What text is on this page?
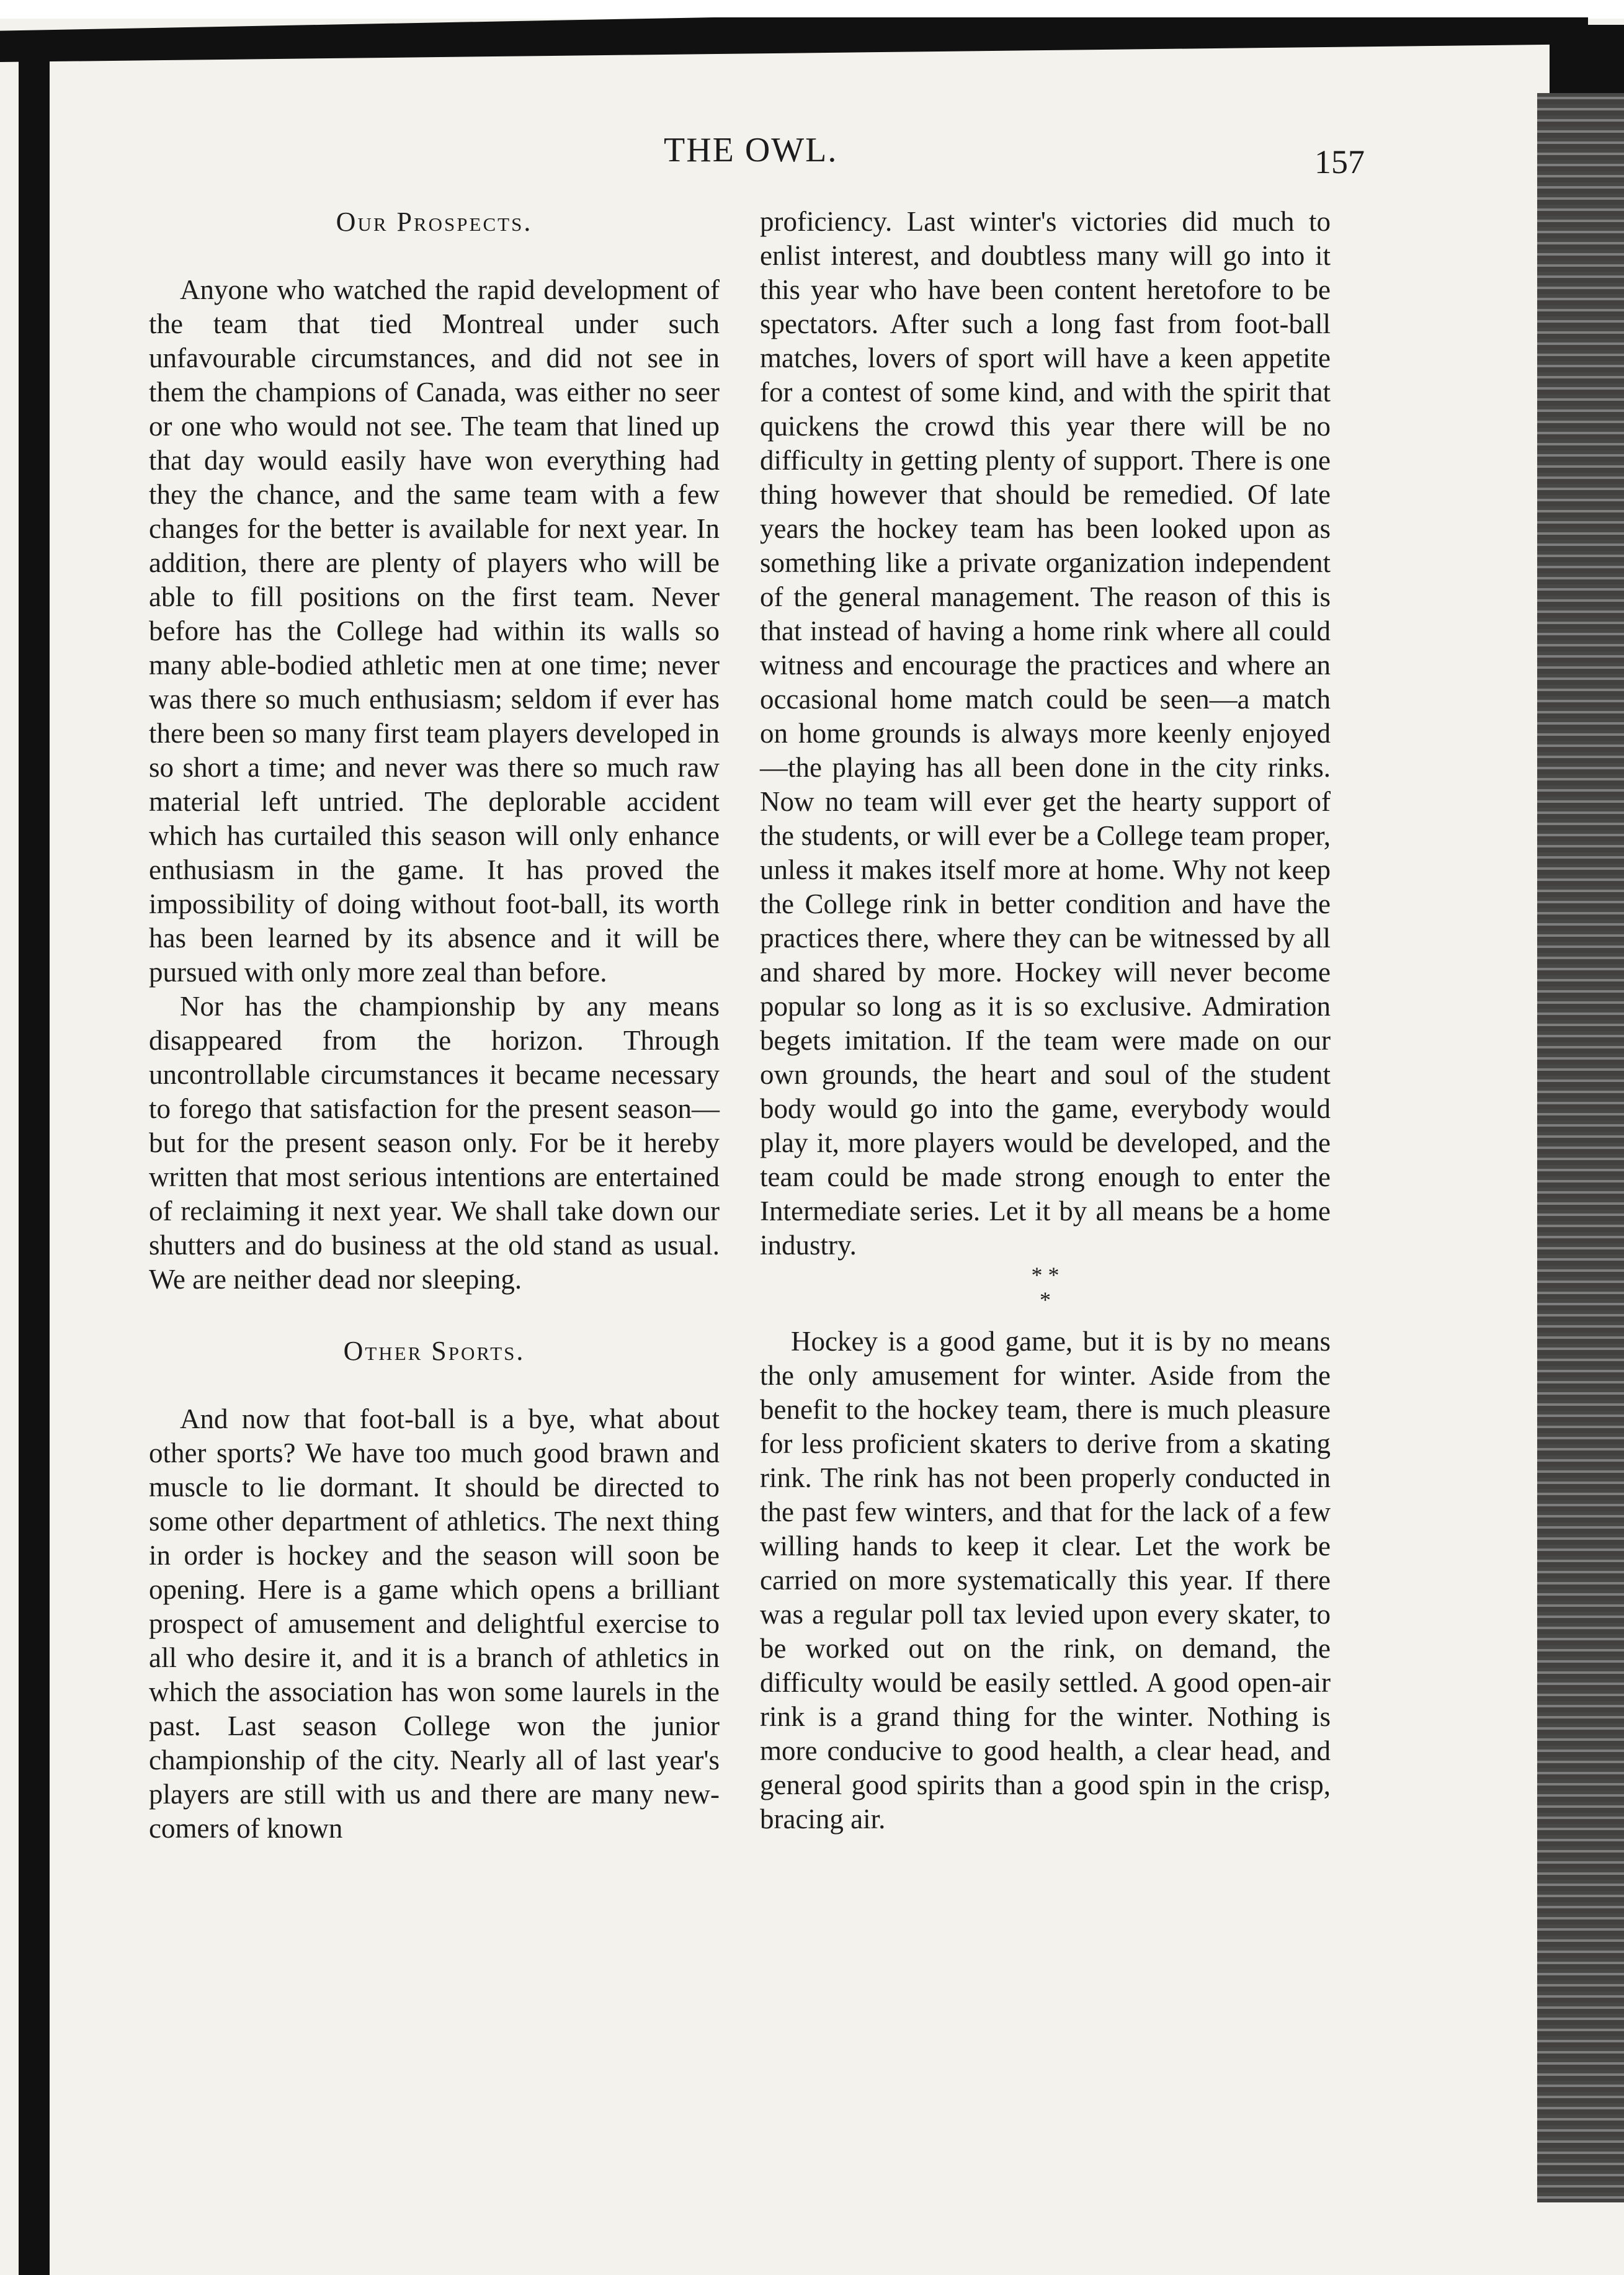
THE OWL.	157
Our Prospects.

Anyone who watched the rapid development of the team that tied Montreal under such unfavourable circumstances, and did not see in them the champions of Canada, was either no seer or one who would not see. The team that lined up that day would easily have won everything had they the chance, and the same team with a few changes for the better is available for next year. In addition, there are plenty of players who will be able to fill positions on the first team. Never before has the College had within its walls so many able-bodied athletic men at one time; never was there so much enthusiasm; seldom if ever has there been so many first team players developed in so short a time; and never was there so much raw material left untried. The deplorable accident which has curtailed this season will only enhance enthusiasm in the game. It has proved the impossibility of doing without foot-ball, its worth has been learned by its absence and it will be pursued with only more zeal than before.

Nor has the championship by any means disappeared from the horizon. Through uncontrollable circumstances it became necessary to forego that satisfaction for the present season—but for the present season only. For be it hereby written that most serious intentions are entertained of reclaiming it next year. We shall take down our shutters and do business at the old stand as usual. We are neither dead nor sleeping.

Other Sports.

And now that foot-ball is a bye, what about other sports? We have too much good brawn and muscle to lie dormant. It should be directed to some other department of athletics. The next thing in order is hockey and the season will soon be opening. Here is a game which opens a brilliant prospect of amusement and delightful exercise to all who desire it, and it is a branch of athletics in which the association has won some laurels in the past. Last season College won the junior championship of the city. Nearly all of last year's players are still with us and there are many new-comers of known

proficiency. Last winter's victories did much to enlist interest, and doubtless many will go into it this year who have been content heretofore to be spectators. After such a long fast from foot-ball matches, lovers of sport will have a keen appetite for a contest of some kind, and with the spirit that quickens the crowd this year there will be no difficulty in getting plenty of support. There is one thing however that should be remedied. Of late years the hockey team has been looked upon as something like a private organization independent of the general management. The reason of this is that instead of having a home rink where all could witness and encourage the practices and where an occasional home match could be seen—a match on home grounds is always more keenly enjoyed—the playing has all been done in the city rinks. Now no team will ever get the hearty support of the students, or will ever be a College team proper, unless it makes itself more at home. Why not keep the College rink in better condition and have the practices there, where they can be witnessed by all and shared by more. Hockey will never become popular so long as it is so exclusive. Admiration begets imitation. If the team were made on our own grounds, the heart and soul of the student body would go into the game, everybody would play it, more players would be developed, and the team could be made strong enough to enter the Intermediate series. Let it by all means be a home industry.

* *
*

Hockey is a good game, but it is by no means the only amusement for winter. Aside from the benefit to the hockey team, there is much pleasure for less proficient skaters to derive from a skating rink. The rink has not been properly conducted in the past few winters, and that for the lack of a few willing hands to keep it clear. Let the work be carried on more systematically this year. If there was a regular poll tax levied upon every skater, to be worked out on the rink, on demand, the difficulty would be easily settled. A good open-air rink is a grand thing for the winter. Nothing is more conducive to good health, a clear head, and general good spirits than a good spin in the crisp, bracing air.
